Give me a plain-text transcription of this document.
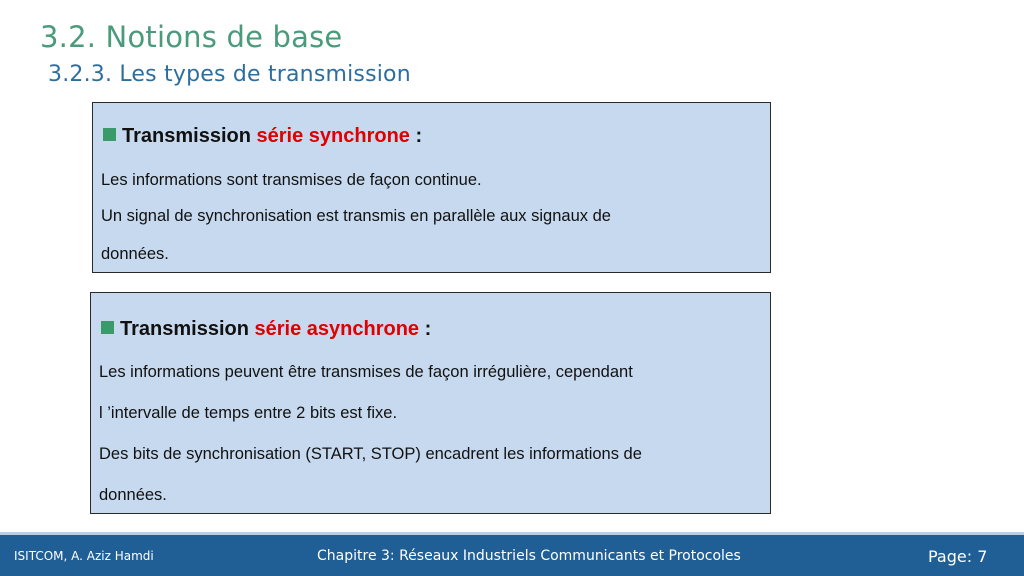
3.2. Notions de base
3.2.3. Les types de transmission
Transmission série synchrone :
Les informations sont transmises de façon continue.
Un signal de synchronisation est transmis en parallèle aux signaux de
données.
Transmission série asynchrone :
Les informations peuvent être transmises de façon irrégulière, cependant
l ’intervalle de temps entre 2 bits est fixe.
Des bits de synchronisation (START, STOP) encadrent les informations de
données.
ISITCOM, A. Aziz Hamdi	Chapitre 3: Réseaux Industriels Communicants et Protocoles	Page: 7
